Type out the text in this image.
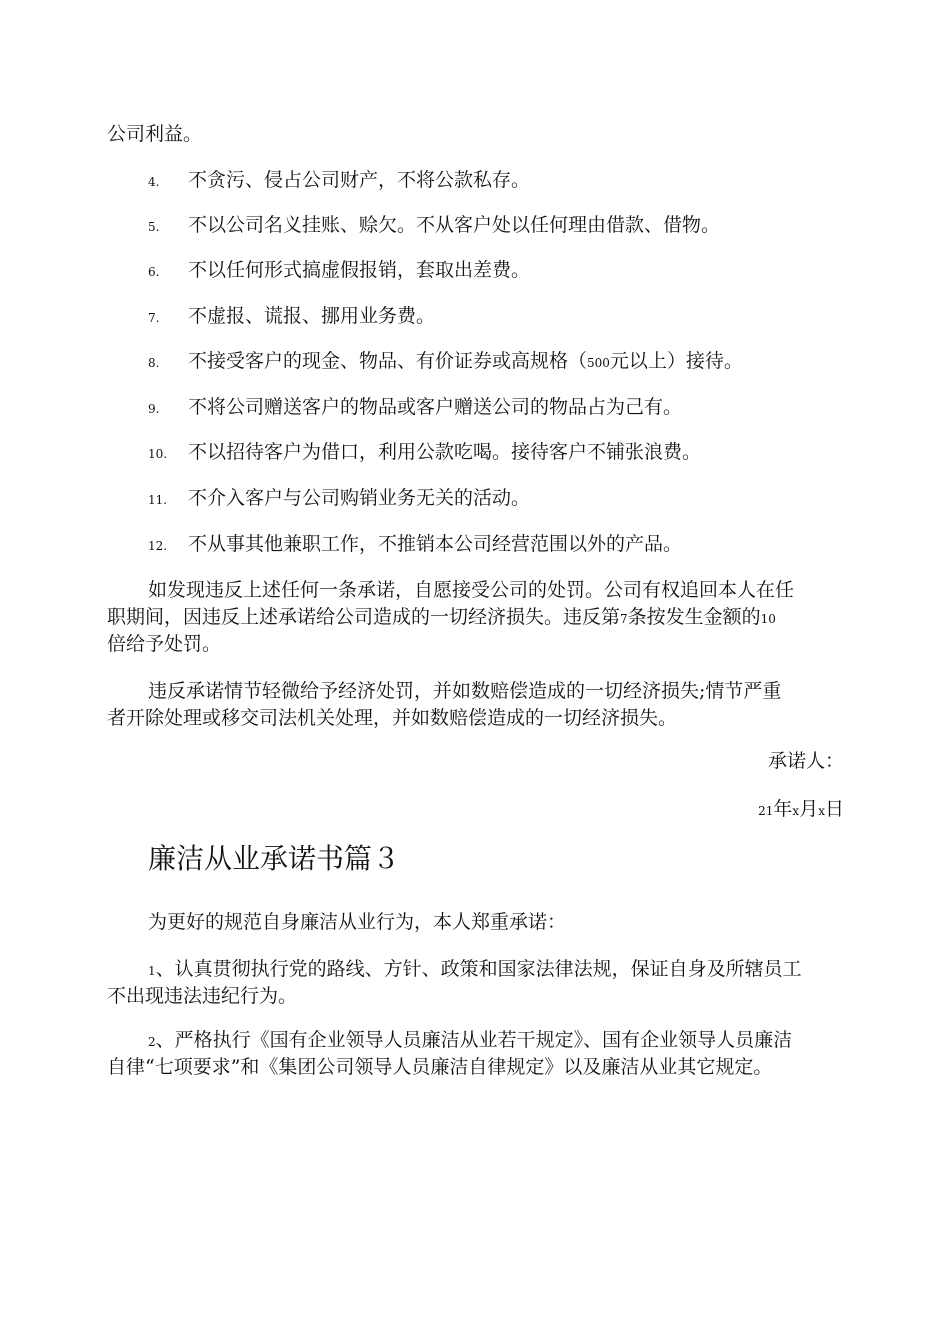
公司利益。
4. 不贪污、侵占公司财产，不将公款私存。
5. 不以公司名义挂账、赊欠。不从客户处以任何理由借款、借物。
6. 不以任何形式搞虚假报销，套取出差费。
7. 不虚报、谎报、挪用业务费。
8. 不接受客户的现金、物品、有价证券或高规格（500元以上）接待。
9. 不将公司赠送客户的物品或客户赠送公司的物品占为己有。
10. 不以招待客户为借口，利用公款吃喝。接待客户不铺张浪费。
11. 不介入客户与公司购销业务无关的活动。
12. 不从事其他兼职工作，不推销本公司经营范围以外的产品。
如发现违反上述任何一条承诺，自愿接受公司的处罚。公司有权追回本人在任
职期间，因违反上述承诺给公司造成的一切经济损失。违反第7条按发生金额的10
倍给予处罚。
违反承诺情节轻微给予经济处罚，并如数赔偿造成的一切经济损失;情节严重
者开除处理或移交司法机关处理，并如数赔偿造成的一切经济损失。
承诺人：
21年x月x日
廉洁从业承诺书篇３
为更好的规范自身廉洁从业行为，本人郑重承诺：
1、认真贯彻执行党的路线、方针、政策和国家法律法规，保证自身及所辖员工
不出现违法违纪行为。
2、严格执行《国有企业领导人员廉洁从业若干规定》、国有企业领导人员廉洁
自律“七项要求”和《集团公司领导人员廉洁自律规定》以及廉洁从业其它规定。
